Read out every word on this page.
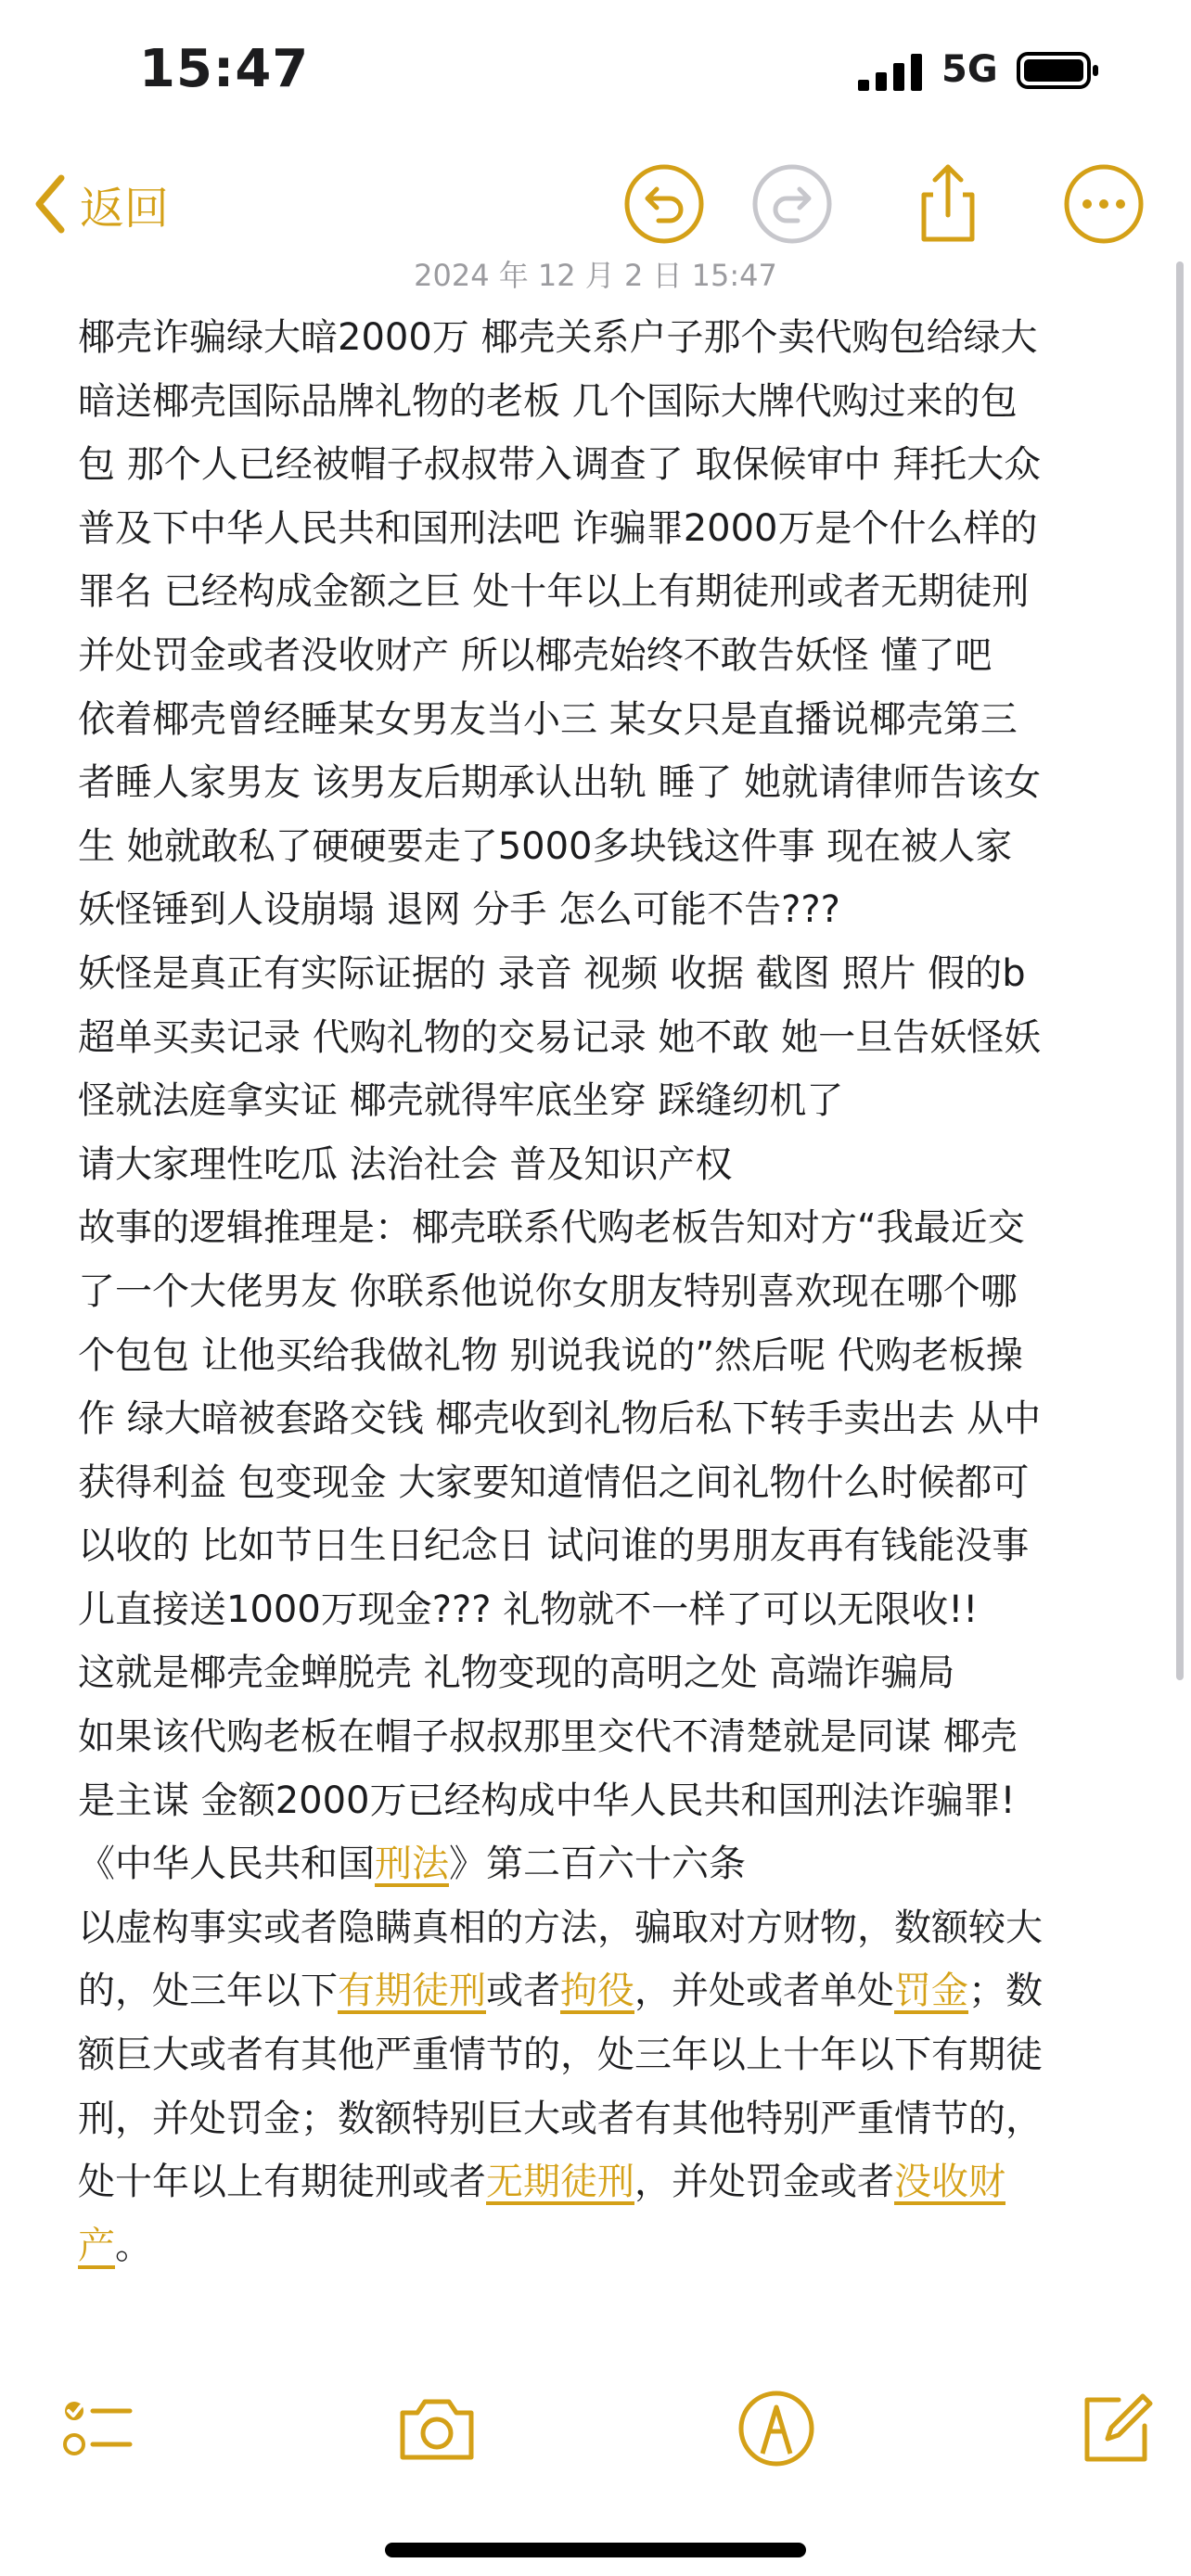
15:47	5G
返回
2024 年 12 月 2 日 15:47
椰壳诈骗绿大暗2000万 椰壳关系户子那个卖代购包给绿大
暗送椰壳国际品牌礼物的老板 几个国际大牌代购过来的包
包 那个人已经被帽子叔叔带入调查了 取保候审中 拜托大众
普及下中华人民共和国刑法吧 诈骗罪2000万是个什么样的
罪名 已经构成金额之巨 处十年以上有期徒刑或者无期徒刑
并处罚金或者没收财产 所以椰壳始终不敢告妖怪 懂了吧
依着椰壳曾经睡某女男友当小三 某女只是直播说椰壳第三
者睡人家男友 该男友后期承认出轨 睡了 她就请律师告该女
生 她就敢私了硬硬要走了5000多块钱这件事 现在被人家
妖怪锤到人设崩塌 退网 分手 怎么可能不告???
妖怪是真正有实际证据的 录音 视频 收据 截图 照片 假的b
超单买卖记录 代购礼物的交易记录 她不敢 她一旦告妖怪妖
怪就法庭拿实证 椰壳就得牢底坐穿 踩缝纫机了
请大家理性吃瓜 法治社会 普及知识产权
故事的逻辑推理是：椰壳联系代购老板告知对方“我最近交
了一个大佬男友 你联系他说你女朋友特别喜欢现在哪个哪
个包包 让他买给我做礼物 别说我说的”然后呢 代购老板操
作 绿大暗被套路交钱 椰壳收到礼物后私下转手卖出去 从中
获得利益 包变现金 大家要知道情侣之间礼物什么时候都可
以收的 比如节日生日纪念日 试问谁的男朋友再有钱能没事
儿直接送1000万现金??? 礼物就不一样了可以无限收!!
这就是椰壳金蝉脱壳 礼物变现的高明之处 高端诈骗局
如果该代购老板在帽子叔叔那里交代不清楚就是同谋 椰壳
是主谋 金额2000万已经构成中华人民共和国刑法诈骗罪!
《中华人民共和国刑法》第二百六十六条
以虚构事实或者隐瞒真相的方法，骗取对方财物，数额较大
的，处三年以下有期徒刑或者拘役，并处或者单处罚金；数
额巨大或者有其他严重情节的，处三年以上十年以下有期徒
刑，并处罚金；数额特别巨大或者有其他特别严重情节的，
处十年以上有期徒刑或者无期徒刑，并处罚金或者没收财
产。
